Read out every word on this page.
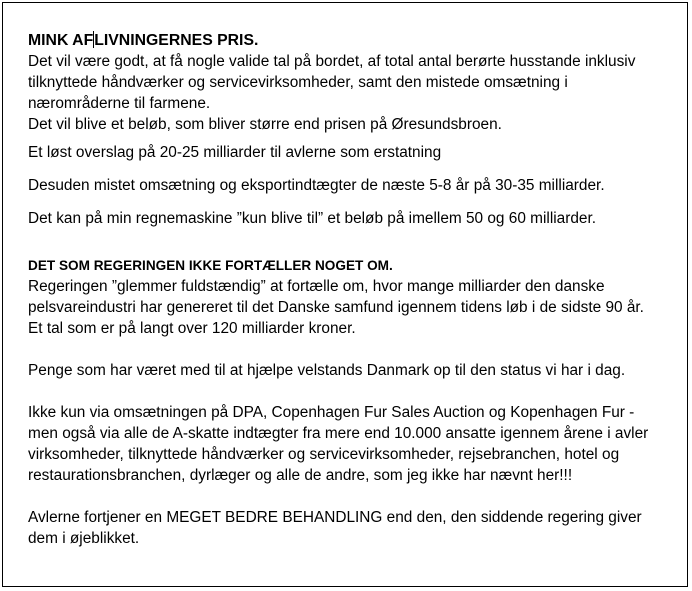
MINK AFLIVNINGERNES PRIS.
Det vil være godt, at få nogle valide tal på bordet, af total antal berørte husstande inklusiv
tilknyttede håndværker og servicevirksomheder, samt den mistede omsætning i
nærområderne til farmene.
Det vil blive et beløb, som bliver større end prisen på Øresundsbroen.
Et løst overslag på 20-25 milliarder til avlerne som erstatning
Desuden mistet omsætning og eksportindtægter de næste 5-8 år på 30-35 milliarder.
Det kan på min regnemaskine ”kun blive til” et beløb på imellem 50 og 60 milliarder.
DET SOM REGERINGEN IKKE FORTÆLLER NOGET OM.
Regeringen ”glemmer fuldstændig” at fortælle om, hvor mange milliarder den danske
pelsvareindustri har genereret til det Danske samfund igennem tidens løb i de sidste 90 år.
Et tal som er på langt over 120 milliarder kroner.
Penge som har været med til at hjælpe velstands Danmark op til den status vi har i dag.
Ikke kun via omsætningen på DPA, Copenhagen Fur Sales Auction og Kopenhagen Fur -
men også via alle de A-skatte indtægter fra mere end 10.000 ansatte igennem årene i avler
virksomheder, tilknyttede håndværker og servicevirksomheder, rejsebranchen, hotel og
restaurationsbranchen, dyrlæger og alle de andre, som jeg ikke har nævnt her!!!
Avlerne fortjener en MEGET BEDRE BEHANDLING end den, den siddende regering giver
dem i øjeblikket.
